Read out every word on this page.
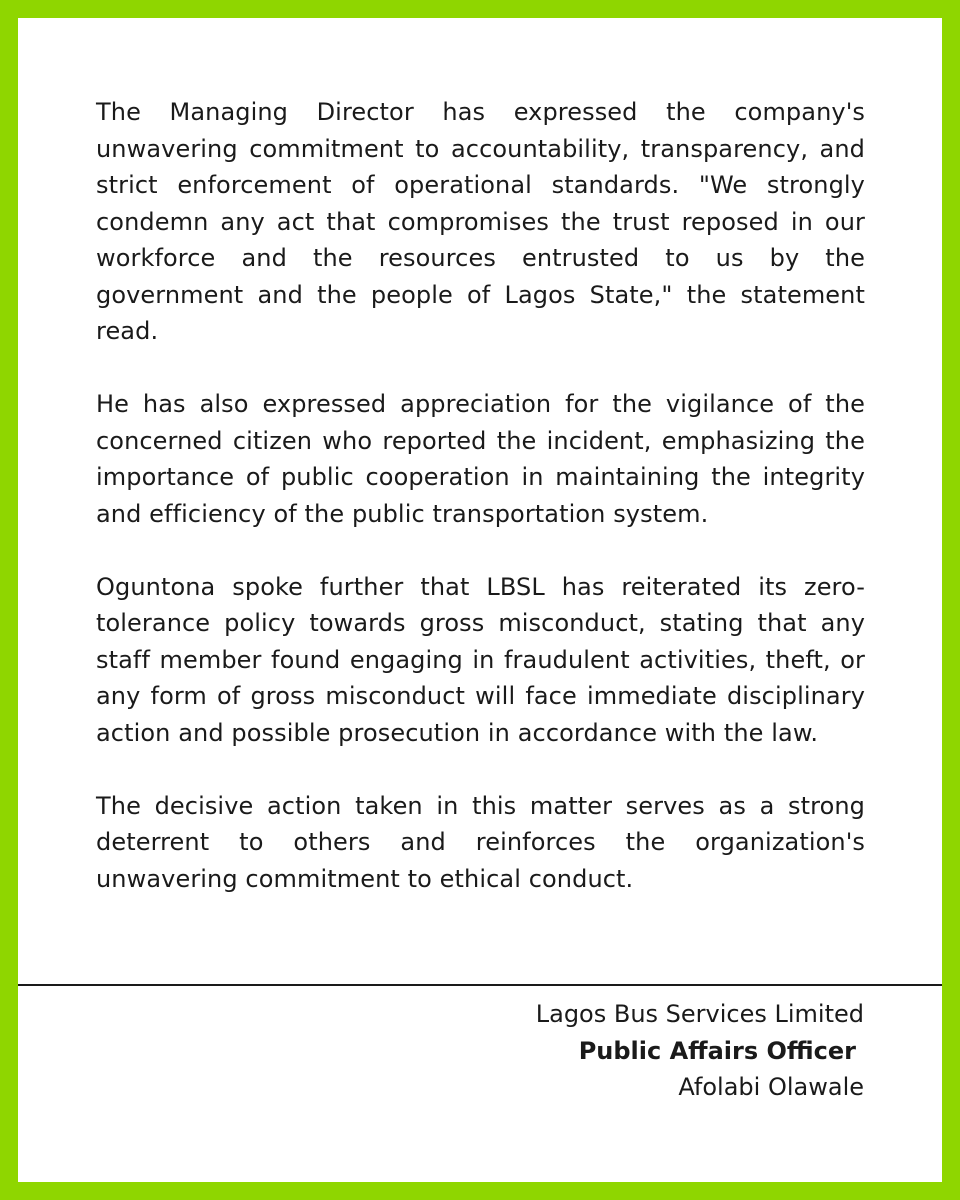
The Managing Director has expressed the company's unwavering commitment to accountability, transparency, and strict enforcement of operational standards. "We strongly condemn any act that compromises the trust reposed in our workforce and the resources entrusted to us by the government and the people of Lagos State," the statement read.

He has also expressed appreciation for the vigilance of the concerned citizen who reported the incident, emphasizing the importance of public cooperation in maintaining the integrity and efficiency of the public transportation system.

Oguntona spoke further that LBSL has reiterated its zero-tolerance policy towards gross misconduct, stating that any staff member found engaging in fraudulent activities, theft, or any form of gross misconduct will face immediate disciplinary action and possible prosecution in accordance with the law.

The decisive action taken in this matter serves as a strong deterrent to others and reinforces the organization's unwavering commitment to ethical conduct.

Lagos Bus Services Limited
Public Affairs Officer
Afolabi Olawale
